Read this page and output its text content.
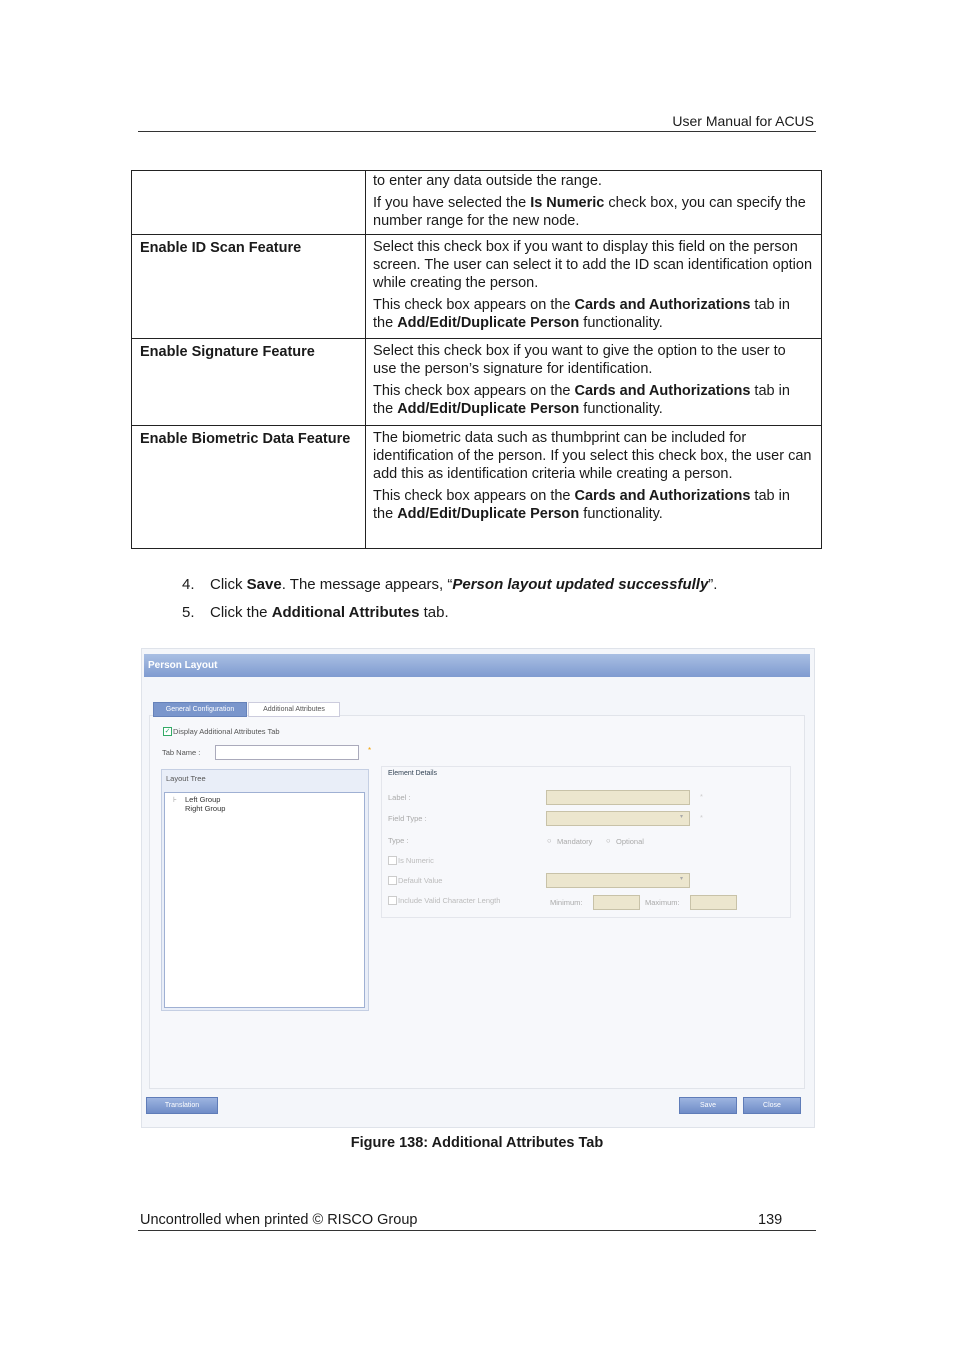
User Manual for ACUS

	to enter any data outside the range.

If you have selected the Is Numeric check box, you can specify the number range for the new node.

Enable ID Scan Feature	Select this check box if you want to display this field on the person screen. The user can select it to add the ID scan identification option while creating the person.

This check box appears on the Cards and Authorizations tab in the Add/Edit/Duplicate Person functionality.

Enable Signature Feature	Select this check box if you want to give the option to the user to use the person’s signature for identification.

This check box appears on the Cards and Authorizations tab in the Add/Edit/Duplicate Person functionality.

Enable Biometric Data Feature	The biometric data such as thumbprint can be included for identification of the person. If you select this check box, the user can add this as identification criteria while creating a person.

This check box appears on the Cards and Authorizations tab in the Add/Edit/Duplicate Person functionality.

4. Click Save. The message appears, “Person layout updated successfully”.
5. Click the Additional Attributes tab.
Person Layout
General Configuration	Additional Attributes
✓ Display Additional Attributes Tab
Tab Name :	*
Layout Tree
⊦ Left Group
Right Group
Element Details
Label :	*
Field Type :	▾ *
Type :	○ Mandatory ○ Optional
Is Numeric
Default Value	▾
Include Valid Character Length	Minimum:	Maximum:
Translation	Save	Close
Figure 138: Additional Attributes Tab
Uncontrolled when printed © RISCO Group	139
